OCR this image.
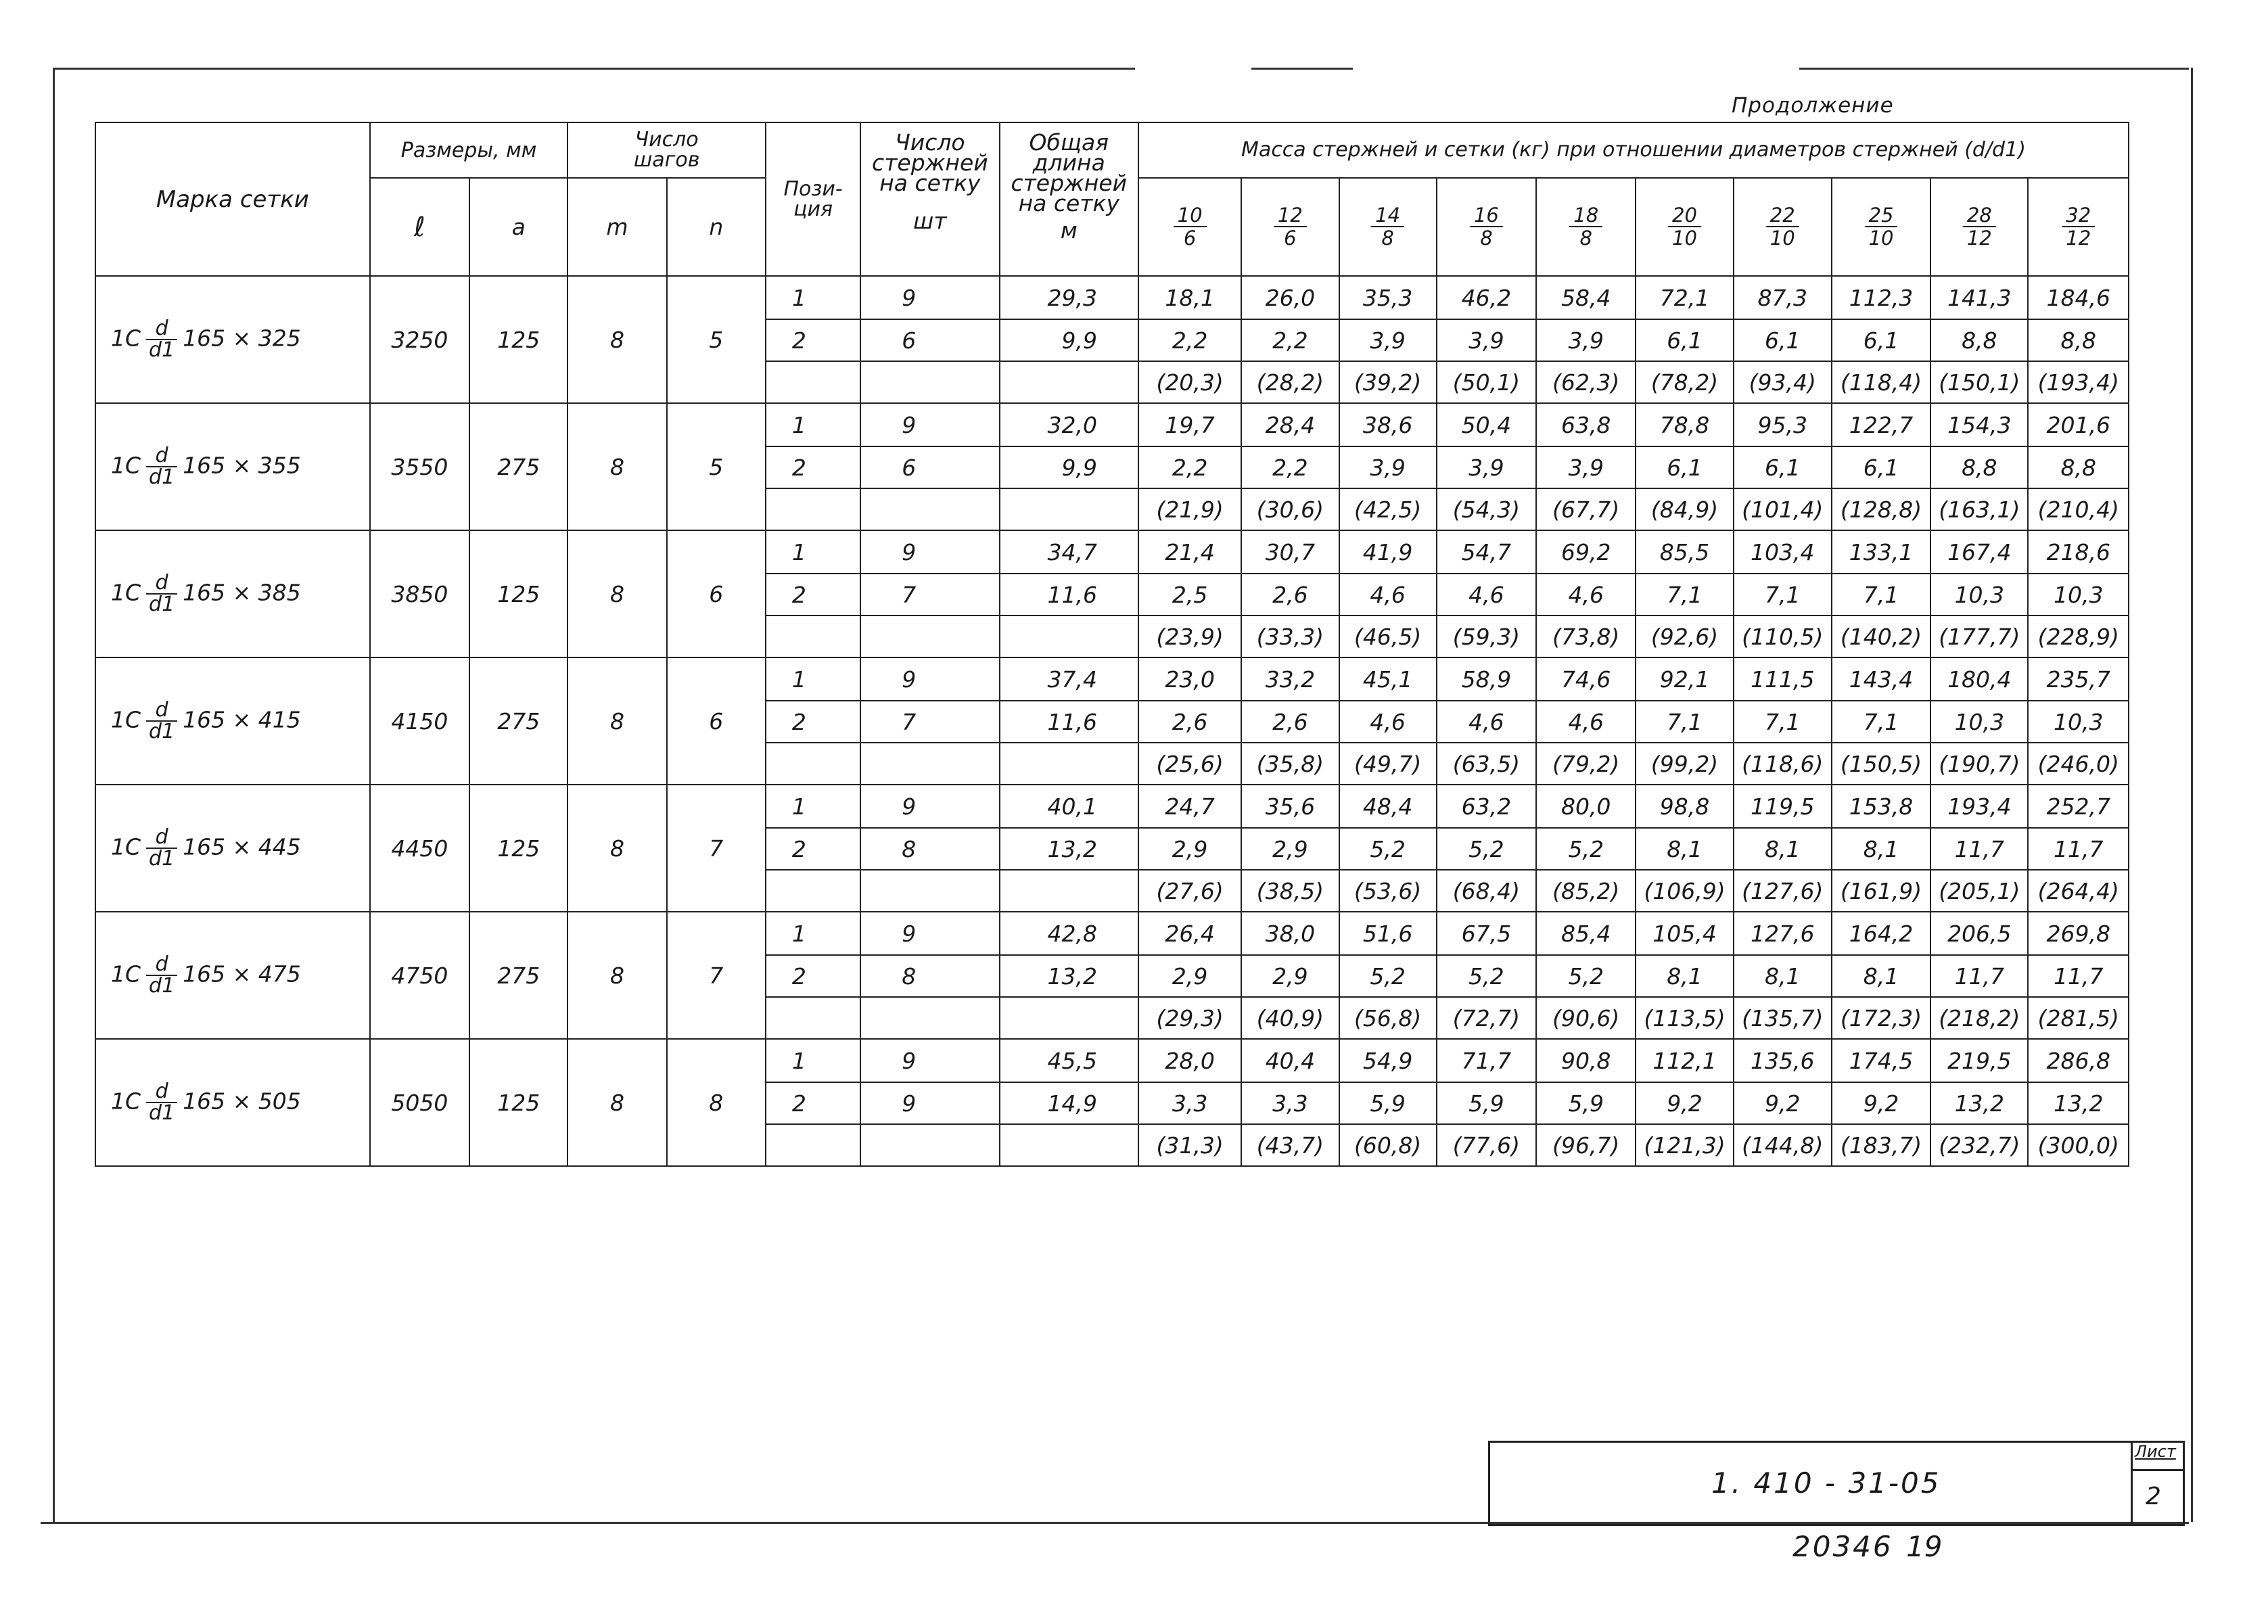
Продолжение
Марка сетки	Размеры, мм		Число шагов		Пози-ция	Число стержней на сетку
шт	Общая длина стержней на сетку
м	Масса стержней и сетки (кг) при отношении диаметров стержней (d/d1)									
	ℓ	а	m	n				$\frac{10}{6}$	$\frac{12}{6}$	$\frac{14}{8}$	$\frac{16}{8}$	$\frac{18}{8}$	$\frac{20}{10}$	$\frac{22}{10}$	$\frac{25}{10}$	$\frac{28}{12}$	$\frac{32}{12}$

$1С \frac{d}{d1} 165 \times 325$	3250	125	8	5	1	9	29,3	18,1	26,0	35,3	46,2	58,4	72,1	87,3	112,3	141,3	184,6
					2	6	9,9	2,2	2,2	3,9	3,9	3,9	6,1	6,1	6,1	8,8	8,8
								(20,3)	(28,2)	(39,2)	(50,1)	(62,3)	(78,2)	(93,4)	(118,4)	(150,1)	(193,4)
$1С \frac{d}{d1} 165 \times 355$	3550	275	8	5	1	9	32,0	19,7	28,4	38,6	50,4	63,8	78,8	95,3	122,7	154,3	201,6
					2	6	9,9	2,2	2,2	3,9	3,9	3,9	6,1	6,1	6,1	8,8	8,8
								(21,9)	(30,6)	(42,5)	(54,3)	(67,7)	(84,9)	(101,4)	(128,8)	(163,1)	(210,4)
$1С \frac{d}{d1} 165 \times 385$	3850	125	8	6	1	9	34,7	21,4	30,7	41,9	54,7	69,2	85,5	103,4	133,1	167,4	218,6
					2	7	11,6	2,5	2,6	4,6	4,6	4,6	7,1	7,1	7,1	10,3	10,3
								(23,9)	(33,3)	(46,5)	(59,3)	(73,8)	(92,6)	(110,5)	(140,2)	(177,7)	(228,9)
$1С \frac{d}{d1} 165 \times 415$	4150	275	8	6	1	9	37,4	23,0	33,2	45,1	58,9	74,6	92,1	111,5	143,4	180,4	235,7
					2	7	11,6	2,6	2,6	4,6	4,6	4,6	7,1	7,1	7,1	10,3	10,3
								(25,6)	(35,8)	(49,7)	(63,5)	(79,2)	(99,2)	(118,6)	(150,5)	(190,7)	(246,0)
$1С \frac{d}{d1} 165 \times 445$	4450	125	8	7	1	9	40,1	24,7	35,6	48,4	63,2	80,0	98,8	119,5	153,8	193,4	252,7
					2	8	13,2	2,9	2,9	5,2	5,2	5,2	8,1	8,1	8,1	11,7	11,7
								(27,6)	(38,5)	(53,6)	(68,4)	(85,2)	(106,9)	(127,6)	(161,9)	(205,1)	(264,4)
$1С \frac{d}{d1} 165 \times 475$	4750	275	8	7	1	9	42,8	26,4	38,0	51,6	67,5	85,4	105,4	127,6	164,2	206,5	269,8
					2	8	13,2	2,9	2,9	5,2	5,2	5,2	8,1	8,1	8,1	11,7	11,7
								(29,3)	(40,9)	(56,8)	(72,7)	(90,6)	(113,5)	(135,7)	(172,3)	(218,2)	(281,5)
$1С \frac{d}{d1} 165 \times 505$	5050	125	8	8	1	9	45,5	28,0	40,4	54,9	71,7	90,8	112,1	135,6	174,5	219,5	286,8
					2	9	14,9	3,3	3,3	5,9	5,9	5,9	9,2	9,2	9,2	13,2	13,2
								(31,3)	(43,7)	(60,8)	(77,6)	(96,7)	(121,3)	(144,8)	(183,7)	(232,7)	(300,0)
1. 410 - 31-05
Лист
2
20346 19
